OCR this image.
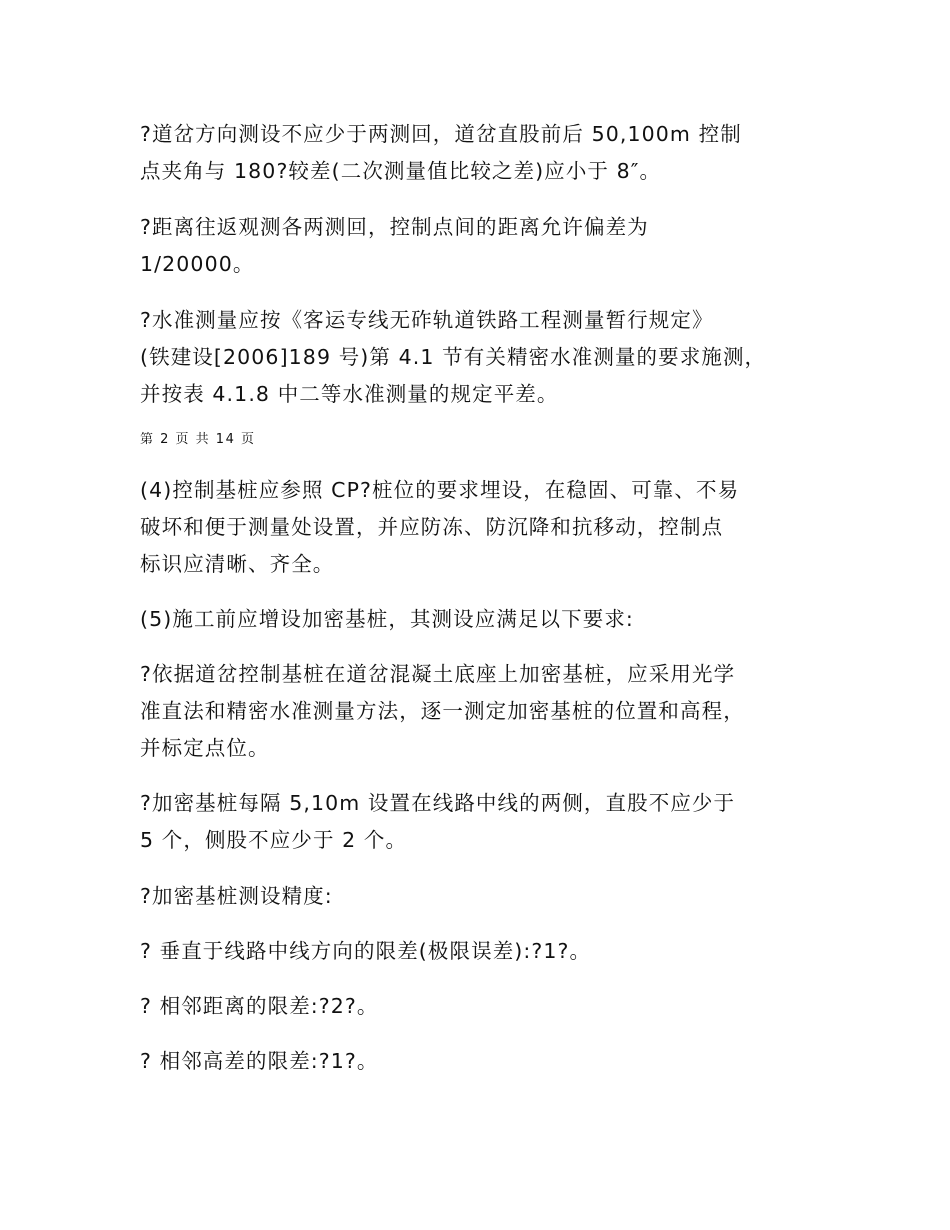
?道岔方向测设不应少于两测回，道岔直股前后 50,100m 控制
点夹角与 180?较差(二次测量值比较之差)应小于 8″。
?距离往返观测各两测回，控制点间的距离允许偏差为
1/20000。
?水准测量应按《客运专线无砟轨道铁路工程测量暂行规定》
(铁建设[2006]189 号)第 4.1 节有关精密水准测量的要求施测，
并按表 4.1.8 中二等水准测量的规定平差。
第 2 页 共 14 页
(4)控制基桩应参照 CP?桩位的要求埋设，在稳固、可靠、不易
破坏和便于测量处设置，并应防冻、防沉降和抗移动，控制点
标识应清晰、齐全。
(5)施工前应增设加密基桩，其测设应满足以下要求:
?依据道岔控制基桩在道岔混凝土底座上加密基桩，应采用光学
准直法和精密水准测量方法，逐一测定加密基桩的位置和高程，
并标定点位。
?加密基桩每隔 5,10m 设置在线路中线的两侧，直股不应少于
5 个，侧股不应少于 2 个。
?加密基桩测设精度:
? 垂直于线路中线方向的限差(极限误差):?1?。
? 相邻距离的限差:?2?。
? 相邻高差的限差:?1?。
